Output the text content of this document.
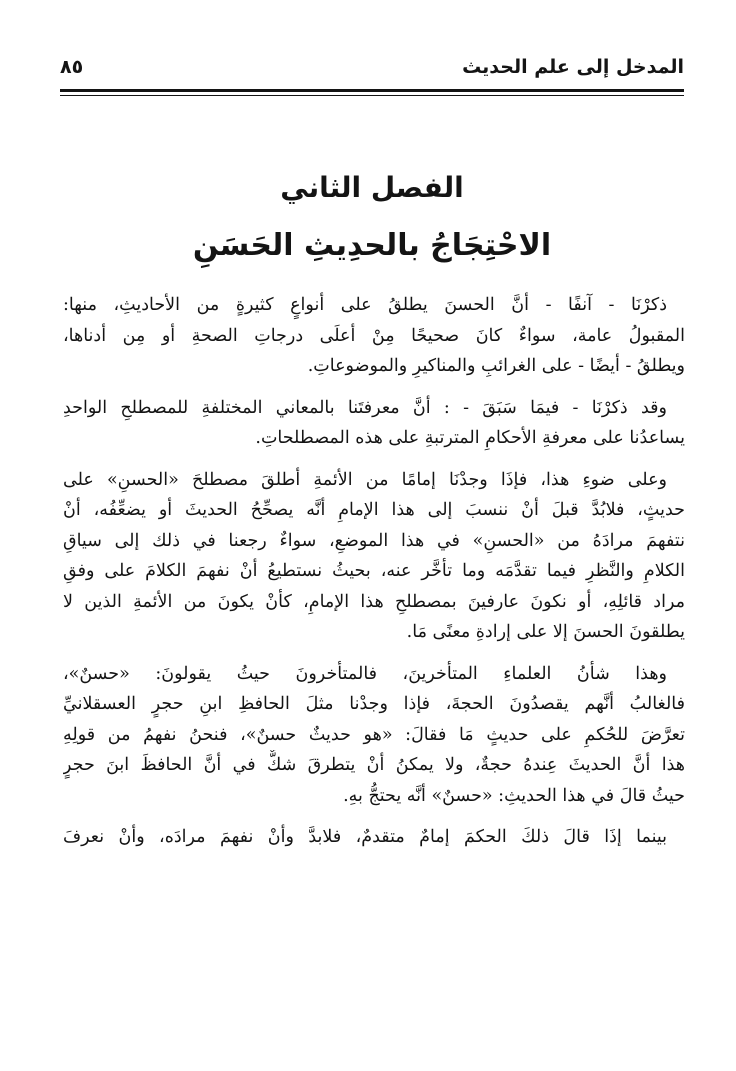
المدخل إلى علم الحديث
٨٥
الفصل الثاني
الاحْتِجَاجُ بالحدِيثِ الحَسَنِ
ذكرْنَا - آنفًا - أنَّ الحسنَ يطلقُ على أنواعٍ كثيرةٍ من الأحاديثِ، منها:
المقبولُ عامة، سواءٌ كانَ صحيحًا مِنْ أعلَى درجاتِ الصحةِ أو مِن أدناها،
ويطلقُ - أيضًا - على الغرائبِ والمناكيرِ والموضوعاتِ.
وقد ذكرْنَا - فيمَا سَبَقَ - : أنَّ معرفتَنا بالمعاني المختلفةِ للمصطلحِ الواحدِ
يساعدُنا على معرفةِ الأحكامِ المترتبةِ على هذه المصطلحاتِ.
وعلى ضوءِ هذا، فإذَا وجدْنَا إمامًا من الأئمةِ أطلقَ مصطلحَ «الحسنِ» على
حديثٍ، فلابُدَّ قبلَ أنْ ننسبَ إلى هذا الإمامِ أنَّه يصحِّحُ الحديثَ أو يضعِّفُه، أنْ
نتفهمَ مرادَهُ من «الحسنِ» في هذا الموضعِ، سواءٌ رجعنا في ذلك إلى سياقِ
الكلامِ والنَّظرِ فيما تقدَّمَه وما تأخَّر عنه، بحيثُ نستطيعُ أنْ نفهمَ الكلامَ على وفقِ
مراد قائلِهِ، أو نكونَ عارفينَ بمصطلحِ هذا الإمامِ، كأنْ يكونَ من الأئمةِ الذين لا
يطلقونَ الحسنَ إلا على إرادةِ معنًى مَا.
وهذا شأنُ العلماءِ المتأخرينَ، فالمتأخرونَ حيثُ يقولونَ: «حسنٌ»،
فالغالبُ أنَّهم يقصدُونَ الحجةَ، فإذا وجدْنا مثلَ الحافظِ ابنِ حجرٍ العسقلانيِّ
تعرَّضَ للحُكمِ على حديثٍ مَا فقالَ: «هو حديثٌ حسنٌ»، فنحنُ نفهمُ من قولِهِ
هذا أنَّ الحديثَ عِندهُ حجةٌ، ولا يمكنُ أنْ يتطرقَ شكٌّ في أنَّ الحافظَ ابنَ حجرٍ
حيثُ قالَ في هذا الحديثِ: «حسنٌ» أنَّه يحتجُّ بهِ.
بينما إذَا قالَ ذلكَ الحكمَ إمامٌ متقدمٌ، فلابدَّ وأنْ نفهمَ مرادَه، وأنْ نعرفَ
